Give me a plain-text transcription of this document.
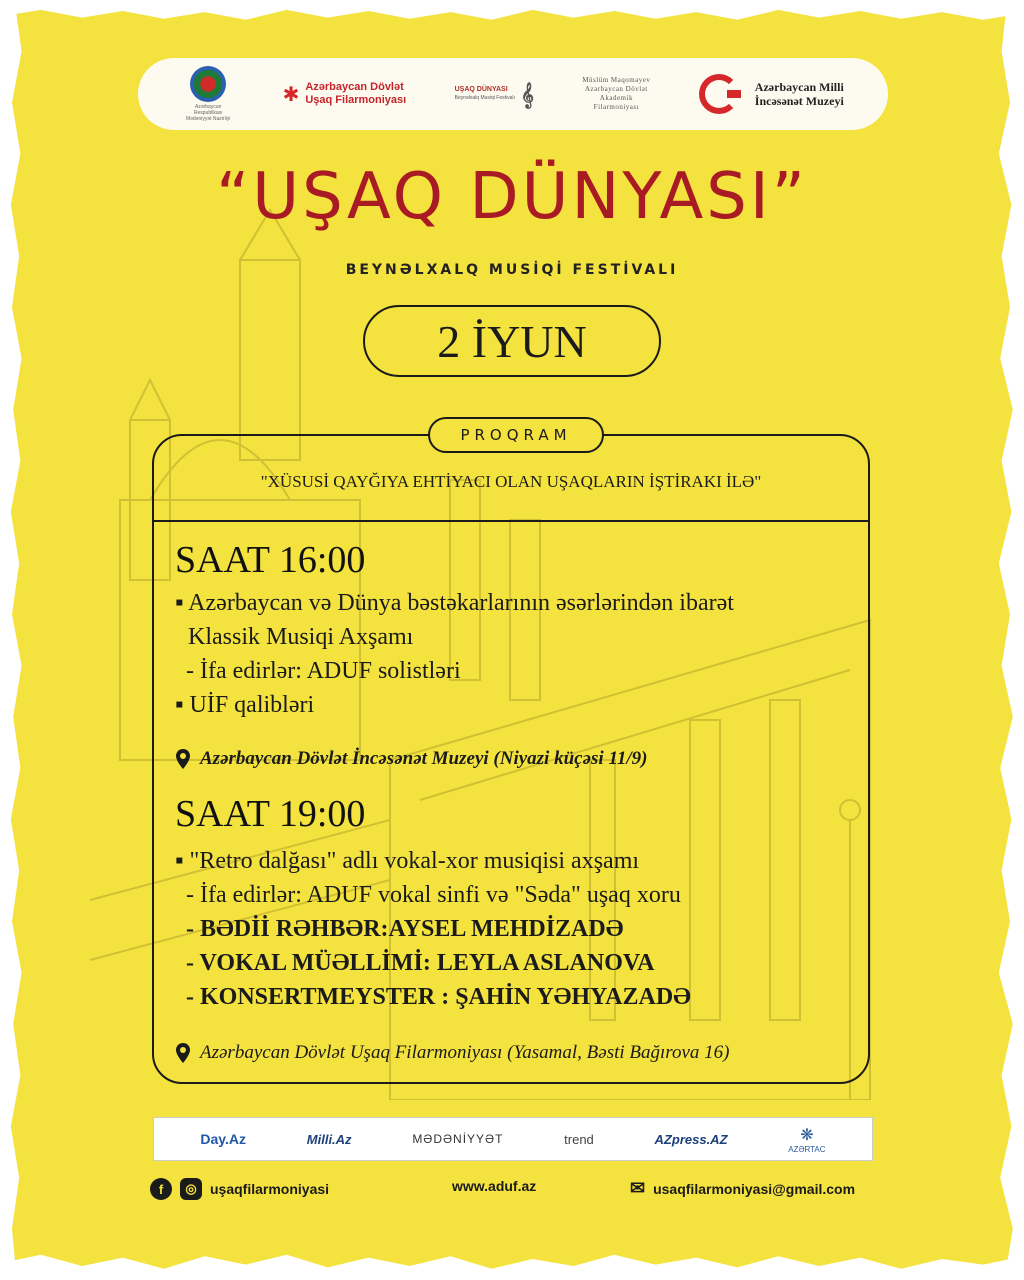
Azərbaycan Respublikası Mədəniyyət Nazirliyi
✱ Azərbaycan Dövlət
Uşaq Filarmoniyası
UŞAQ DÜNYASI
Beynəlxalq Musiqi Festivalı 𝄞
Müslüm Maqomayev
Azərbaycan Dövlət
Akademik
Filarmoniyası
Azərbaycan Milli
İncəsənət Muzeyi
“UŞAQ DÜNYASI”
BEYNƏLXALQ MUSİQİ FESTİVALI
2 İYUN
PROQRAM
"XÜSUSİ QAYĞIYA EHTİYACI OLAN UŞAQLARIN İŞTİRAKI İLƏ"
SAAT 16:00
▪ Azərbaycan və Dünya bəstəkarlarının əsərlərindən ibarət
Klassik Musiqi Axşamı
- İfa edirlər: ADUF solistləri
▪ UİF qalibləri
Azərbaycan Dövlət İncəsənət Muzeyi (Niyazi küçəsi 11/9)
SAAT 19:00
▪ "Retro dalğası" adlı vokal-xor musiqisi axşamı
- İfa edirlər: ADUF vokal sinfi və "Səda" uşaq xoru
- BƏDİİ RƏHBƏR:AYSEL MEHDİZADƏ
- VOKAL MÜƏLLİMİ: LEYLA ASLANOVA
- KONSERTMEYSTER : ŞAHİN YƏHYAZADƏ
Azərbaycan Dövlət Uşaq Filarmoniyası (Yasamal, Bəsti Bağırova 16)
Day.Az	Milli.Az	MƏDƏNİYYƏT	trend	AZpress.AZ	❋
AZƏRTAC
f	◎ uşaqfilarmoniyasi	www.aduf.az	✉ usaqfilarmoniyasi@gmail.com
